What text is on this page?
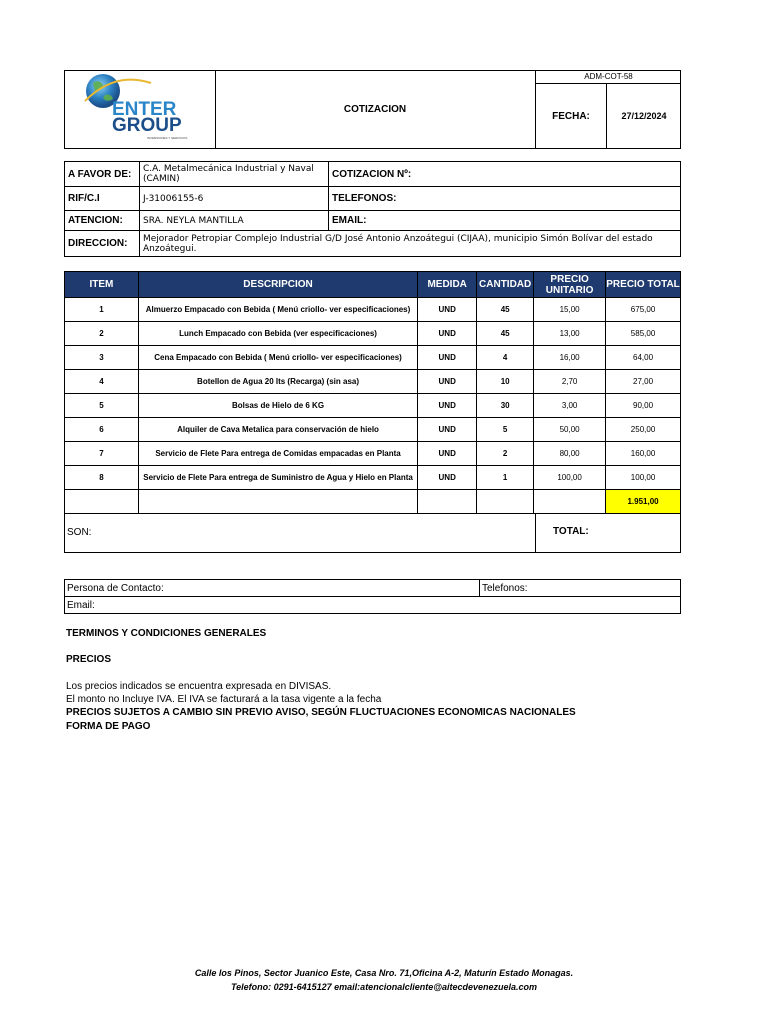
ENTER
GROUP
INVERSIONES Y SERVICIOS
COTIZACION
ADM-COT-58
FECHA:	27/12/2024
A FAVOR DE:	C.A. Metalmecánica Industrial y Naval (CAMIN)	COTIZACION Nº:
RIF/C.I	J-31006155-6	TELEFONOS:
ATENCION:	SRA. NEYLA MANTILLA	EMAIL:
DIRECCION:	Mejorador Petropiar Complejo Industrial G/D José Antonio Anzoátegui (CIJAA), municipio Simón Bolívar del estado Anzoátegui.	
ITEM	DESCRIPCION	MEDIDA	CANTIDAD	PRECIO UNITARIO	PRECIO TOTAL
1	Almuerzo Empacado con Bebida ( Menú criollo- ver especificaciones)	UND	45	15,00	675,00
2	Lunch Empacado con Bebida (ver especificaciones)	UND	45	13,00	585,00
3	Cena Empacado con Bebida ( Menú criollo- ver especificaciones)	UND	4	16,00	64,00
4	Botellon de Agua 20 lts (Recarga) (sin asa)	UND	10	2,70	27,00
5	Bolsas de Hielo de 6 KG	UND	30	3,00	90,00
6	Alquiler de Cava Metalica para conservación de hielo	UND	5	50,00	250,00
7	Servicio de Flete Para entrega de Comidas empacadas en Planta	UND	2	80,00	160,00
8	Servicio de Flete Para entrega de Suministro de Agua y Hielo en Planta	UND	1	100,00	100,00
					1.951,00
SON:	TOTAL:
Persona de Contacto:	Telefonos:
Email:
TERMINOS Y CONDICIONES GENERALES
PRECIOS
Los precios indicados se encuentra expresada en DIVISAS.
El monto no Incluye IVA. El IVA se facturará a la tasa vigente a la fecha
PRECIOS SUJETOS A CAMBIO SIN PREVIO AVISO, SEGÚN FLUCTUACIONES ECONOMICAS NACIONALES
FORMA DE PAGO
Calle los Pinos, Sector Juanico Este, Casa Nro. 71,Oficina A-2, Maturín Estado Monagas.
Telefono: 0291-6415127 email:atencionalcliente@aitecdevenezuela.com
